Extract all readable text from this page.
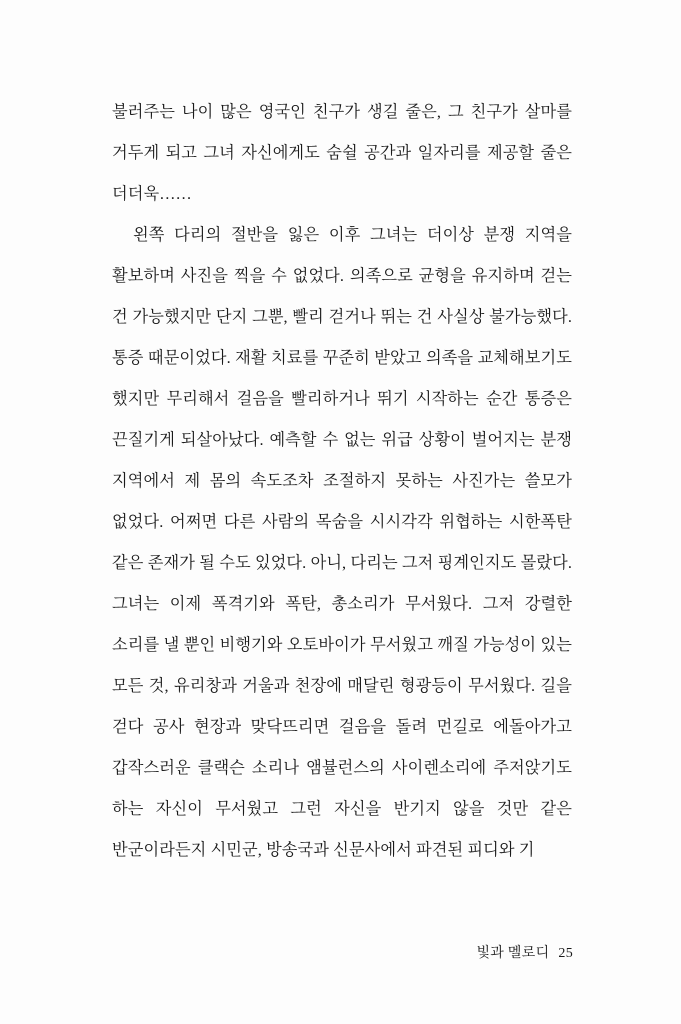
불러주는 나이 많은 영국인 친구가 생길 줄은, 그 친구가 살마를 거두게 되고 그녀 자신에게도 숨쉴 공간과 일자리를 제공할 줄은 더더욱……

왼쪽 다리의 절반을 잃은 이후 그녀는 더이상 분쟁 지역을 활보하며 사진을 찍을 수 없었다. 의족으로 균형을 유지하며 걷는 건 가능했지만 단지 그뿐, 빨리 걷거나 뛰는 건 사실상 불가능했다. 통증 때문이었다. 재활 치료를 꾸준히 받았고 의족을 교체해보기도 했지만 무리해서 걸음을 빨리하거나 뛰기 시작하는 순간 통증은 끈질기게 되살아났다. 예측할 수 없는 위급 상황이 벌어지는 분쟁 지역에서 제 몸의 속도조차 조절하지 못하는 사진가는 쓸모가 없었다. 어쩌면 다른 사람의 목숨을 시시각각 위협하는 시한폭탄 같은 존재가 될 수도 있었다. 아니, 다리는 그저 핑계인지도 몰랐다. 그녀는 이제 폭격기와 폭탄, 총소리가 무서웠다. 그저 강렬한 소리를 낼 뿐인 비행기와 오토바이가 무서웠고 깨질 가능성이 있는 모든 것, 유리창과 거울과 천장에 매달린 형광등이 무서웠다. 길을 걷다 공사 현장과 맞닥뜨리면 걸음을 돌려 먼길로 에돌아가고 갑작스러운 클랙슨 소리나 앰뷸런스의 사이렌소리에 주저앉기도 하는 자신이 무서웠고 그런 자신을 반기지 않을 것만 같은 반군이라든지 시민군, 방송국과 신문사에서 파견된 피디와 기

빛과 멜로디 25
